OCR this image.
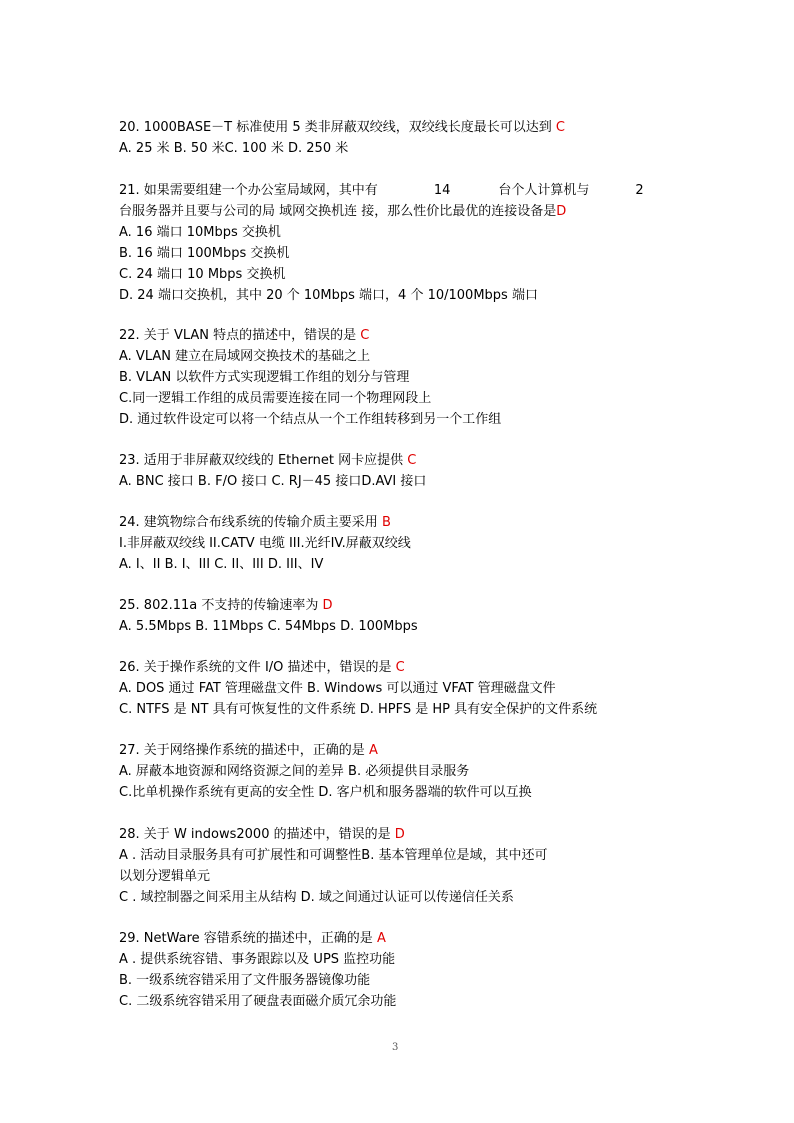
20. 1000BASE－T 标准使用 5 类非屏蔽双绞线，双绞线长度最长可以达到 C
A. 25 米 B. 50 米C. 100 米 D. 250 米
21. 如果需要组建一个办公室局域网，其中有	14	台个人计算机与	2
台服务器并且要与公司的局 域网交换机连 接，那么性价比最优的连接设备是D
A. 16 端口 10Mbps 交换机
B. 16 端口 100Mbps 交换机
C. 24 端口 10 Mbps 交换机
D. 24 端口交换机，其中 20 个 10Mbps 端口，4 个 10/100Mbps 端口
22. 关于 VLAN 特点的描述中，错误的是 C
A. VLAN 建立在局域网交换技术的基础之上
B. VLAN 以软件方式实现逻辑工作组的划分与管理
C.同一逻辑工作组的成员需要连接在同一个物理网段上
D. 通过软件设定可以将一个结点从一个工作组转移到另一个工作组
23. 适用于非屏蔽双绞线的 Ethernet 网卡应提供 C
A. BNC 接口 B. F/O 接口 C. RJ－45 接口D.AVI 接口
24. 建筑物综合布线系统的传输介质主要采用 B
I.非屏蔽双绞线 II.CATV 电缆 III.光纤IV.屏蔽双绞线
A. I、II B. I、III C. II、III D. III、IV
25. 802.11a 不支持的传输速率为 D
A. 5.5Mbps B. 11Mbps C. 54Mbps D. 100Mbps
26. 关于操作系统的文件 I/O 描述中，错误的是 C
A. DOS 通过 FAT 管理磁盘文件 B. Windows 可以通过 VFAT 管理磁盘文件
C. NTFS 是 NT 具有可恢复性的文件系统 D. HPFS 是 HP 具有安全保护的文件系统
27. 关于网络操作系统的描述中，正确的是 A
A. 屏蔽本地资源和网络资源之间的差异 B. 必须提供目录服务
C.比单机操作系统有更高的安全性 D. 客户机和服务器端的软件可以互换
28. 关于 W indows2000 的描述中，错误的是 D
A . 活动目录服务具有可扩展性和可调整性B. 基本管理单位是域，其中还可
以划分逻辑单元
C . 域控制器之间采用主从结构 D. 域之间通过认证可以传递信任关系
29. NetWare 容错系统的描述中，正确的是 A
A . 提供系统容错、事务跟踪以及 UPS 监控功能
B. 一级系统容错采用了文件服务器镜像功能
C. 二级系统容错采用了硬盘表面磁介质冗余功能
3
